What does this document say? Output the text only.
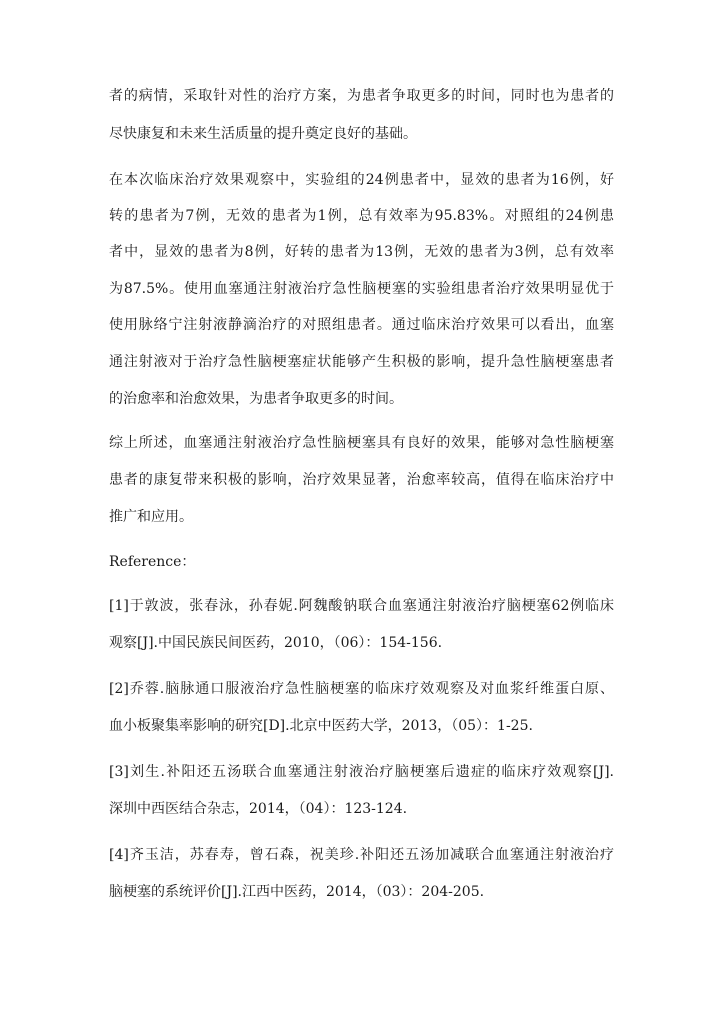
者的病情，采取针对性的治疗方案，为患者争取更多的时间，同时也为患者的
尽快康复和未来生活质量的提升奠定良好的基础。
在本次临床治疗效果观察中，实验组的24例患者中，显效的患者为16例，好
转的患者为7例，无效的患者为1例，总有效率为95.83%。对照组的24例患
者中，显效的患者为8例，好转的患者为13例，无效的患者为3例，总有效率
为87.5%。使用血塞通注射液治疗急性脑梗塞的实验组患者治疗效果明显优于
使用脉络宁注射液静滴治疗的对照组患者。通过临床治疗效果可以看出，血塞
通注射液对于治疗急性脑梗塞症状能够产生积极的影响，提升急性脑梗塞患者
的治愈率和治愈效果，为患者争取更多的时间。
综上所述，血塞通注射液治疗急性脑梗塞具有良好的效果，能够对急性脑梗塞
患者的康复带来积极的影响，治疗效果显著，治愈率较高，值得在临床治疗中
推广和应用。
Reference：
[1]于敦波，张春泳，孙春妮.阿魏酸钠联合血塞通注射液治疗脑梗塞62例临床
观察[J].中国民族民间医药，2010，（06）：154-156.
[2]乔蓉.脑脉通口服液治疗急性脑梗塞的临床疗效观察及对血浆纤维蛋白原、
血小板聚集率影响的研究[D].北京中医药大学，2013，（05）：1-25.
[3]刘生.补阳还五汤联合血塞通注射液治疗脑梗塞后遗症的临床疗效观察[J].
深圳中西医结合杂志，2014，（04）：123-124.
[4]齐玉洁，苏春寿，曾石森，祝美珍.补阳还五汤加减联合血塞通注射液治疗
脑梗塞的系统评价[J].江西中医药，2014，（03）：204-205.
